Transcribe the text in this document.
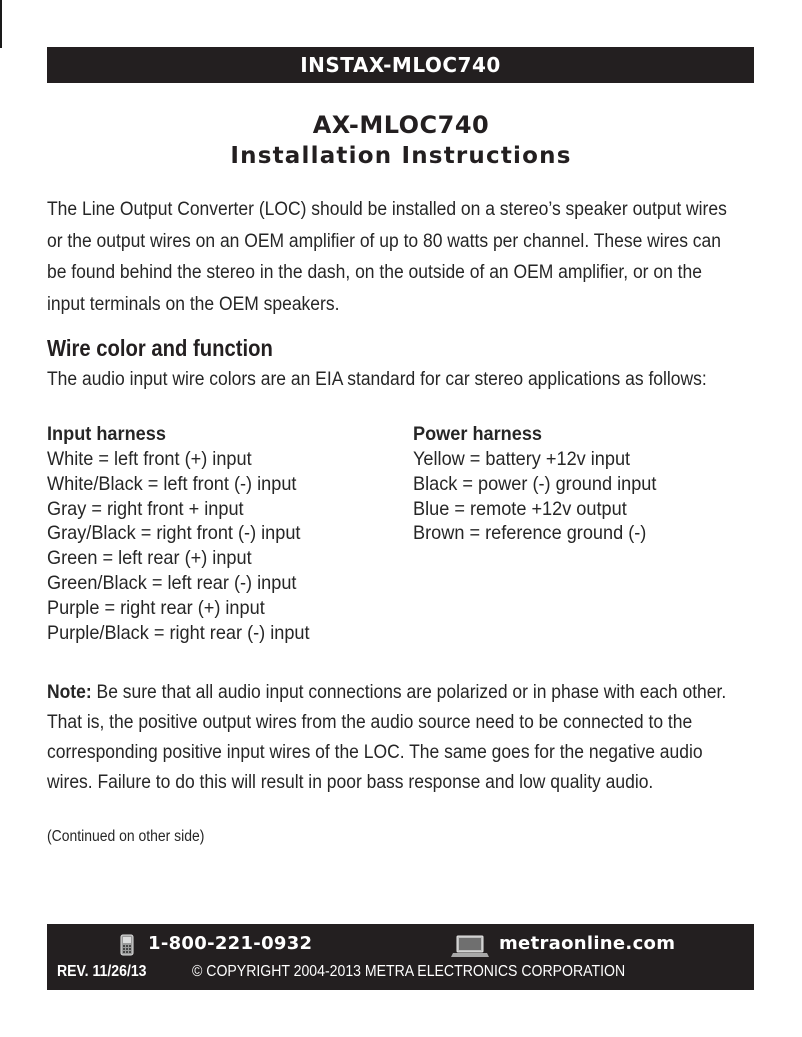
INSTAX-MLOC740
AX-MLOC740
Installation Instructions
The Line Output Converter (LOC) should be installed on a stereo’s speaker output wires
or the output wires on an OEM amplifier of up to 80 watts per channel. These wires can
be found behind the stereo in the dash, on the outside of an OEM amplifier, or on the
input terminals on the OEM speakers.
Wire color and function
The audio input wire colors are an EIA standard for car stereo applications as follows:
Input harness
White = left front (+) input
White/Black = left front (-) input
Gray = right front + input
Gray/Black = right front (-) input
Green = left rear (+) input
Green/Black = left rear (-) input
Purple = right rear (+) input
Purple/Black = right rear (-) input
Power harness
Yellow = battery +12v input
Black = power (-) ground input
Blue = remote +12v output
Brown = reference ground (-)
Note: Be sure that all audio input connections are polarized or in phase with each other.
That is, the positive output wires from the audio source need to be connected to the
corresponding positive input wires of the LOC. The same goes for the negative audio
wires. Failure to do this will result in poor bass response and low quality audio.
(Continued on other side)
1-800-221-0932	metraonline.com
REV. 11/26/13	© COPYRIGHT 2004-2013 METRA ELECTRONICS CORPORATION
